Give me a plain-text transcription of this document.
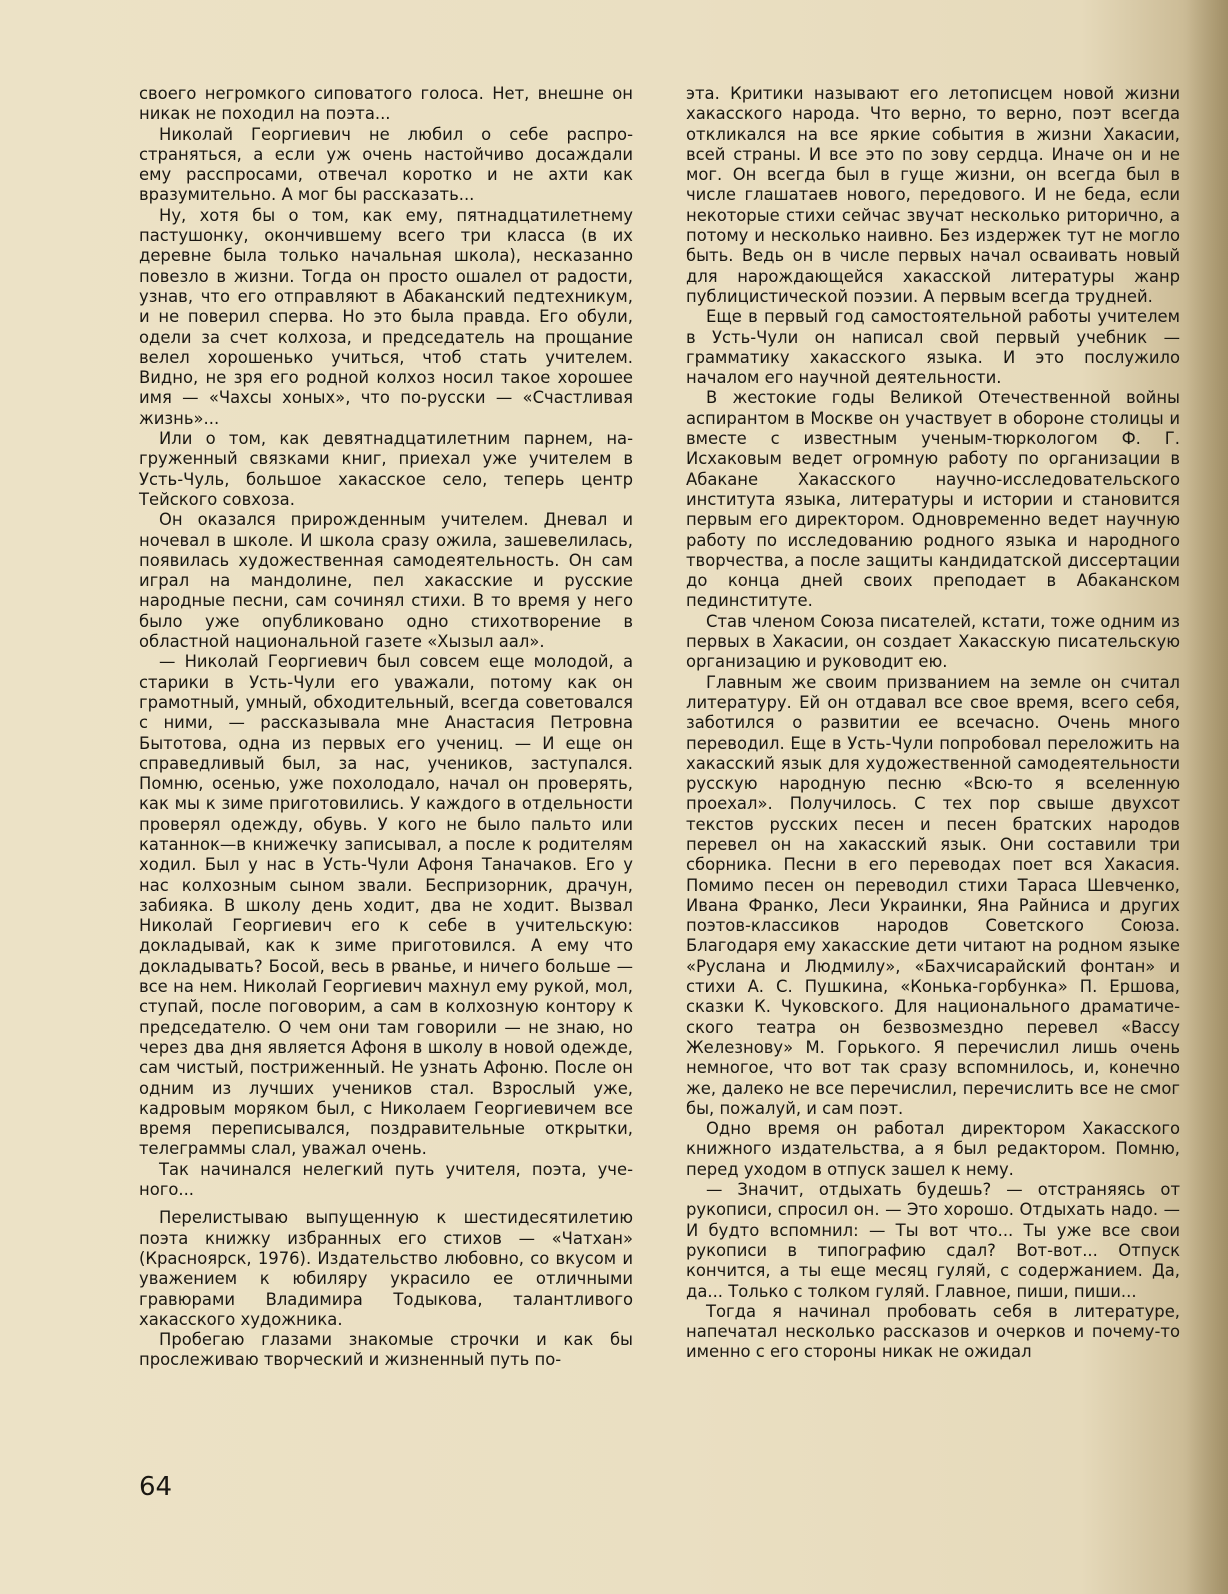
своего негромкого сиповатого голоса. Нет, внешне он никак не походил на поэта...

Николай Георгиевич не любил о себе распространяться, а если уж очень настойчиво досаждали ему расспросами, отвечал коротко и не ахти как вразумительно. А мог бы рассказать...

Ну, хотя бы о том, как ему, пятнадцатилетнему пастушонку, окончившему всего три класса (в их деревне была только начальная школа), несказанно повезло в жизни. Тогда он просто ошалел от радости, узнав, что его отправляют в Абаканский педтехникум, и не поверил сперва. Но это была правда. Его обули, одели за счет колхоза, и председатель на прощание велел хорошенько учиться, чтоб стать учителем. Видно, не зря его родной колхоз носил такое хорошее имя — «Чахсы хоных», что по-русски — «Счастливая жизнь»...

Или о том, как девятнадцатилетним парнем, нагруженный связками книг, приехал уже учителем в Усть-Чуль, большое хакасское село, теперь центр Тейского совхоза.

Он оказался прирожденным учителем. Дневал и ночевал в школе. И школа сразу ожила, зашевелилась, появилась художественная самодеятельность. Он сам играл на мандолине, пел хакасские и русские народные песни, сам сочинял стихи. В то время у него было уже опубликовано одно стихотворение в областной национальной газете «Хызыл аал».

— Николай Георгиевич был совсем еще молодой, а старики в Усть-Чули его уважали, потому как он грамотный, умный, обходительный, всегда советовался с ними, — рассказывала мне Анастасия Петровна Бытотова, одна из первых его учениц. — И еще он справедливый был, за нас, учеников, заступался. Помню, осенью, уже похолодало, начал он проверять, как мы к зиме приготовились. У каждого в отдельности проверял одежду, обувь. У кого не было пальто или катаннок—в книжечку записывал, а после к родителям ходил. Был у нас в Усть-Чули Афоня Таначаков. Его у нас колхозным сыном звали. Беспризорник, драчун, забияка. В школу день ходит, два не ходит. Вызвал Николай Георгиевич его к себе в учительскую: докладывай, как к зиме приготовился. А ему что докладывать? Босой, весь в рванье, и ничего больше — все на нем. Николай Георгиевич махнул ему рукой, мол, ступай, после поговорим, а сам в колхозную контору к председателю. О чем они там говорили — не знаю, но через два дня является Афоня в школу в новой одежде, сам чистый, постриженный. Не узнать Афоню. После он одним из лучших учеников стал. Взрослый уже, кадровым моряком был, с Николаем Георгиевичем все время переписывался, поздравительные открытки, телеграммы слал, уважал очень.

Так начинался нелегкий путь учителя, поэта, ученого...

Перелистываю выпущенную к шестидесятилетию поэта книжку избранных его стихов — «Чатхан» (Красноярск, 1976). Издательство любовно, со вкусом и уважением к юбиляру украсило ее отличными гравюрами Владимира Тодыкова, талантливого хакасского художника.

Пробегаю глазами знакомые строчки и как бы прослеживаю творческий и жизненный путь по-

эта. Критики называют его летописцем новой жизни хакасского народа. Что верно, то верно, поэт всегда откликался на все яркие события в жизни Хакасии, всей страны. И все это по зову сердца. Иначе он и не мог. Он всегда был в гуще жизни, он всегда был в числе глашатаев нового, передового. И не беда, если некоторые стихи сейчас звучат несколько риторично, а потому и несколько наивно. Без издержек тут не могло быть. Ведь он в числе первых начал осваивать новый для нарождающейся хакасской литературы жанр публицистической поэзии. А первым всегда трудней.

Еще в первый год самостоятельной работы учителем в Усть-Чули он написал свой первый учебник — грамматику хакасского языка. И это послужило началом его научной деятельности.

В жестокие годы Великой Отечественной войны аспирантом в Москве он участвует в обороне столицы и вместе с известным ученым-тюркологом Ф. Г. Исхаковым ведет огромную работу по организации в Абакане Хакасского научно-исследовательского института языка, литературы и истории и становится первым его директором. Одновременно ведет научную работу по исследованию родного языка и народного творчества, а после защиты кандидатской диссертации до конца дней своих преподает в Абаканском пединституте.

Став членом Союза писателей, кстати, тоже одним из первых в Хакасии, он создает Хакасскую писательскую организацию и руководит ею.

Главным же своим призванием на земле он считал литературу. Ей он отдавал все свое время, всего себя, заботился о развитии ее всечасно. Очень много переводил. Еще в Усть-Чули попробовал переложить на хакасский язык для художественной самодеятельности русскую народную песню «Всю-то я вселенную проехал». Получилось. С тех пор свыше двухсот текстов русских песен и песен братских народов перевел он на хакасский язык. Они составили три сборника. Песни в его переводах поет вся Хакасия. Помимо песен он переводил стихи Тараса Шевченко, Ивана Франко, Леси Украинки, Яна Райниса и других поэтов-классиков народов Советского Союза. Благодаря ему хакасские дети читают на родном языке «Руслана и Людмилу», «Бахчисарайский фонтан» и стихи А. С. Пушкина, «Конька-горбунка» П. Ершова, сказки К. Чуковского. Для национального драматического театра он безвозмездно перевел «Вассу Железнову» М. Горького. Я перечислил лишь очень немногое, что вот так сразу вспомнилось, и, конечно же, далеко не все перечислил, перечислить все не смог бы, пожалуй, и сам поэт.

Одно время он работал директором Хакасского книжного издательства, а я был редактором. Помню, перед уходом в отпуск зашел к нему.

— Значит, отдыхать будешь? — отстраняясь от рукописи, спросил он. — Это хорошо. Отдыхать надо. — И будто вспомнил: — Ты вот что... Ты уже все свои рукописи в типографию сдал? Вот-вот... Отпуск кончится, а ты еще месяц гуляй, с содержанием. Да, да... Только с толком гуляй. Главное, пиши, пиши...

Тогда я начинал пробовать себя в литературе, напечатал несколько рассказов и очерков и почему-то именно с его стороны никак не ожидал

64
